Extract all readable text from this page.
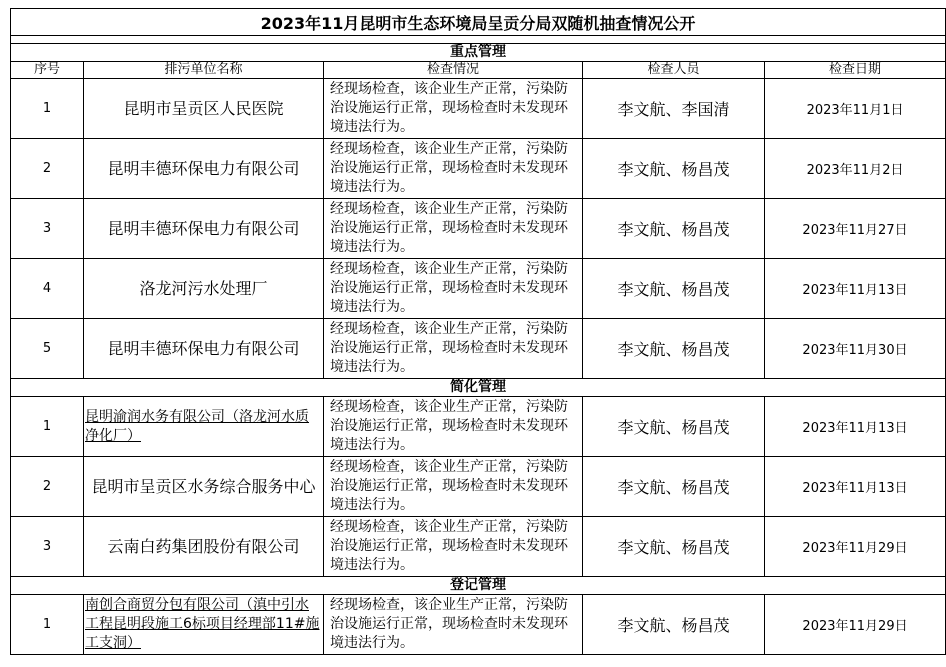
2023年11月昆明市生态环境局呈贡分局双随机抽查情况公开				

重点管理				
序号	排污单位名称	检查情况	检查人员	检查日期
1	昆明市呈贡区人民医院	经现场检查，该企业生产正常，污染防治设施运行正常，现场检查时未发现环境违法行为。	李文航、李国清	2023年11月1日
2	昆明丰德环保电力有限公司	经现场检查，该企业生产正常，污染防治设施运行正常，现场检查时未发现环境违法行为。	李文航、杨昌茂	2023年11月2日
3	昆明丰德环保电力有限公司	经现场检查，该企业生产正常，污染防治设施运行正常，现场检查时未发现环境违法行为。	李文航、杨昌茂	2023年11月27日
4	洛龙河污水处理厂	经现场检查，该企业生产正常，污染防治设施运行正常，现场检查时未发现环境违法行为。	李文航、杨昌茂	2023年11月13日
5	昆明丰德环保电力有限公司	经现场检查，该企业生产正常，污染防治设施运行正常，现场检查时未发现环境违法行为。	李文航、杨昌茂	2023年11月30日
简化管理				
1	昆明渝润水务有限公司（洛龙河水质净化厂）	经现场检查，该企业生产正常，污染防治设施运行正常，现场检查时未发现环境违法行为。	李文航、杨昌茂	2023年11月13日
2	昆明市呈贡区水务综合服务中心	经现场检查，该企业生产正常，污染防治设施运行正常，现场检查时未发现环境违法行为。	李文航、杨昌茂	2023年11月13日
3	云南白药集团股份有限公司	经现场检查，该企业生产正常，污染防治设施运行正常，现场检查时未发现环境违法行为。	李文航、杨昌茂	2023年11月29日
登记管理				
1	南创合商贸分包有限公司（滇中引水工程昆明段施工6标项目经理部11#施工支洞）	经现场检查，该企业生产正常，污染防治设施运行正常，现场检查时未发现环境违法行为。	李文航、杨昌茂	2023年11月29日
